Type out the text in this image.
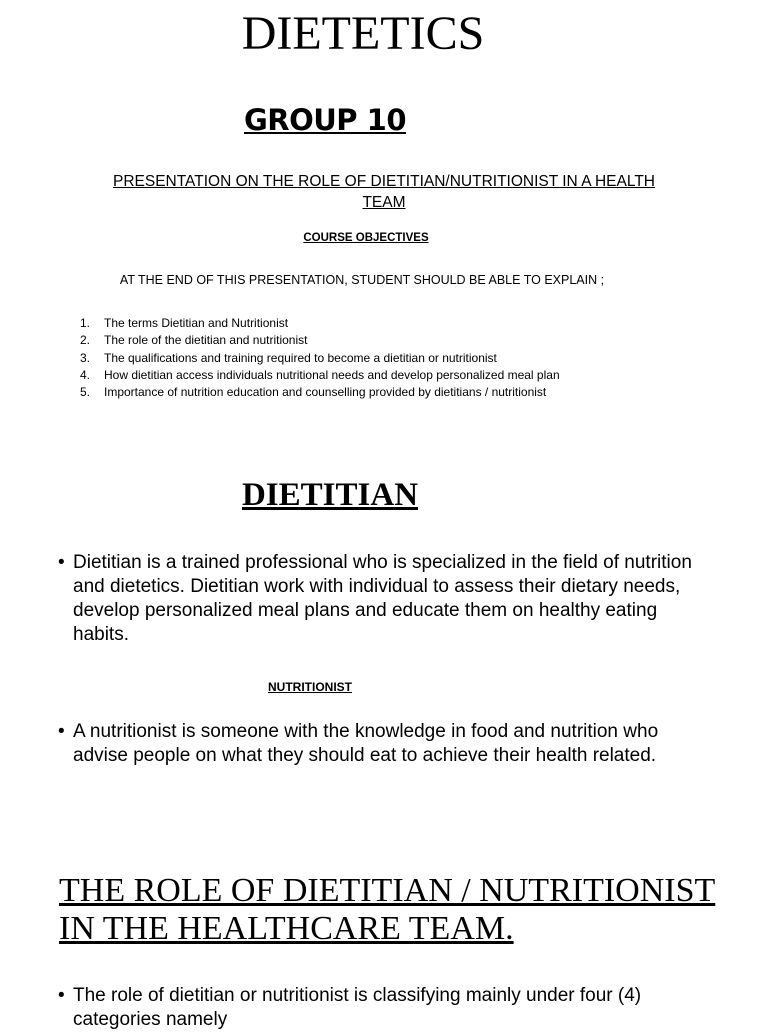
DIETETICS
GROUP 10
PRESENTATION ON THE ROLE OF DIETITIAN/NUTRITIONIST IN A HEALTH TEAM
COURSE OBJECTIVES
AT THE END OF THIS PRESENTATION, STUDENT SHOULD BE ABLE TO EXPLAIN ;
1.	The terms Dietitian and Nutritionist
2.	The role of the dietitian and nutritionist
3.	The qualifications and training required to become a dietitian or nutritionist
4.	How dietitian access individuals nutritional needs and develop personalized meal plan
5.	Importance of nutrition education and counselling provided by dietitians / nutritionist
DIETITIAN
• Dietitian is a trained professional who is specialized in the field of nutrition and dietetics. Dietitian work with individual to assess their dietary needs, develop personalized meal plans and educate them on healthy eating habits.
NUTRITIONIST
• A nutritionist is someone with the knowledge in food and nutrition who advise people on what they should eat to achieve their health related.
THE ROLE OF DIETITIAN / NUTRITIONIST IN THE HEALTHCARE TEAM.
• The role of dietitian or nutritionist is classifying mainly under four (4) categories namely
